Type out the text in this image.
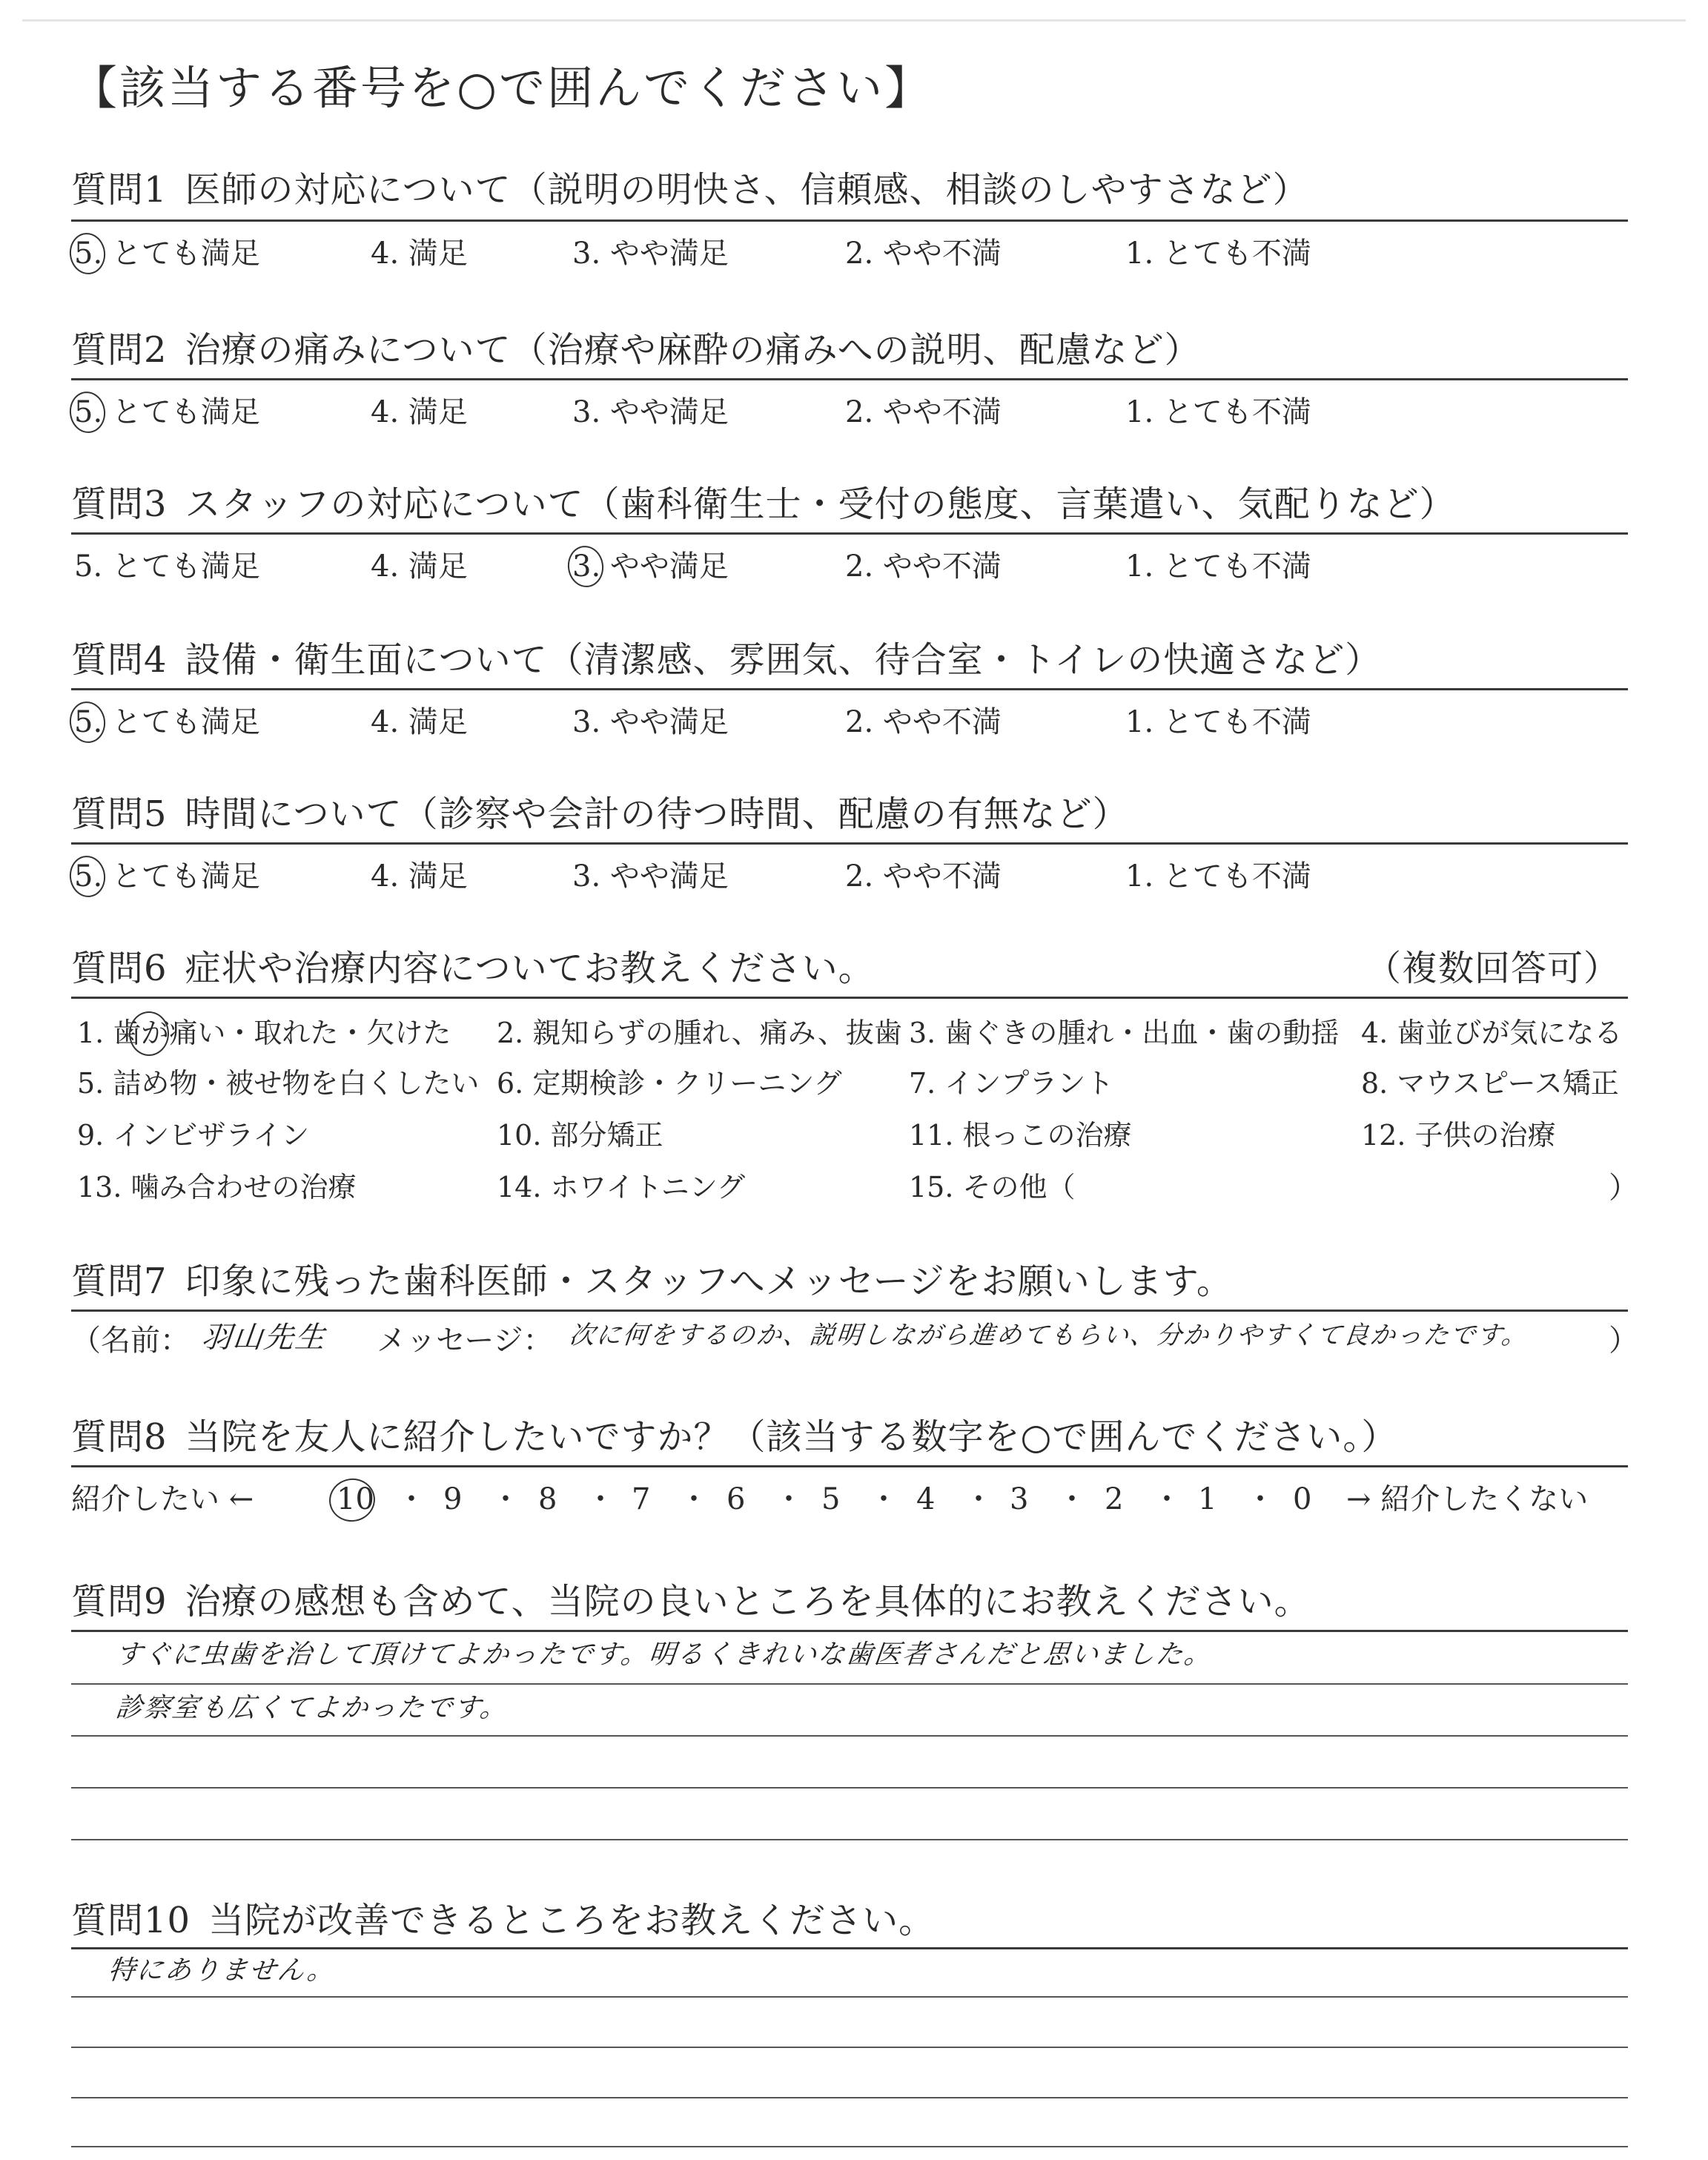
【該当する番号を○で囲んでください】
質問1 医師の対応について（説明の明快さ、信頼感、相談のしやすさなど）
5. とても満足	4. 満足	3. やや満足	2. やや不満	1. とても不満
質問2 治療の痛みについて（治療や麻酔の痛みへの説明、配慮など）
5. とても満足	4. 満足	3. やや満足	2. やや不満	1. とても不満
質問3 スタッフの対応について（歯科衛生士・受付の態度、言葉遣い、気配りなど）
5. とても満足	4. 満足	3. やや満足	2. やや不満	1. とても不満
質問4 設備・衛生面について（清潔感、雰囲気、待合室・トイレの快適さなど）
5. とても満足	4. 満足	3. やや満足	2. やや不満	1. とても不満
質問5 時間について（診察や会計の待つ時間、配慮の有無など）
5. とても満足	4. 満足	3. やや満足	2. やや不満	1. とても不満
質問6 症状や治療内容についてお教えください。	（複数回答可）
1. 歯が痛い・取れた・欠けた 2. 親知らずの腫れ、痛み、抜歯 3. 歯ぐきの腫れ・出血・歯の動揺 4. 歯並びが気になる
5. 詰め物・被せ物を白くしたい 6. 定期検診・クリーニング 7. インプラント	8. マウスピース矯正
9. インビザライン	10. 部分矯正	11. 根っこの治療	12. 子供の治療
13. 噛み合わせの治療	14. ホワイトニング	15. その他（	）
質問7 印象に残った歯科医師・スタッフへメッセージをお願いします。
（名前： 羽山先生 メッセージ： 次に何をするのか、説明しながら進めてもらい、分かりやすくて良かったです。	）
質問8 当院を友人に紹介したいですか？（該当する数字を○で囲んでください。）
紹介したい ←	→ 紹介したくない
10 ・ 9 ・ 8 ・ 7 ・ 6 ・ 5 ・ 4 ・ 3 ・ 2 ・ 1 ・ 0
質問9 治療の感想も含めて、当院の良いところを具体的にお教えください。
すぐに虫歯を治して頂けてよかったです。明るくきれいな歯医者さんだと思いました。
診察室も広くてよかったです。
質問10 当院が改善できるところをお教えください。
特にありません。
